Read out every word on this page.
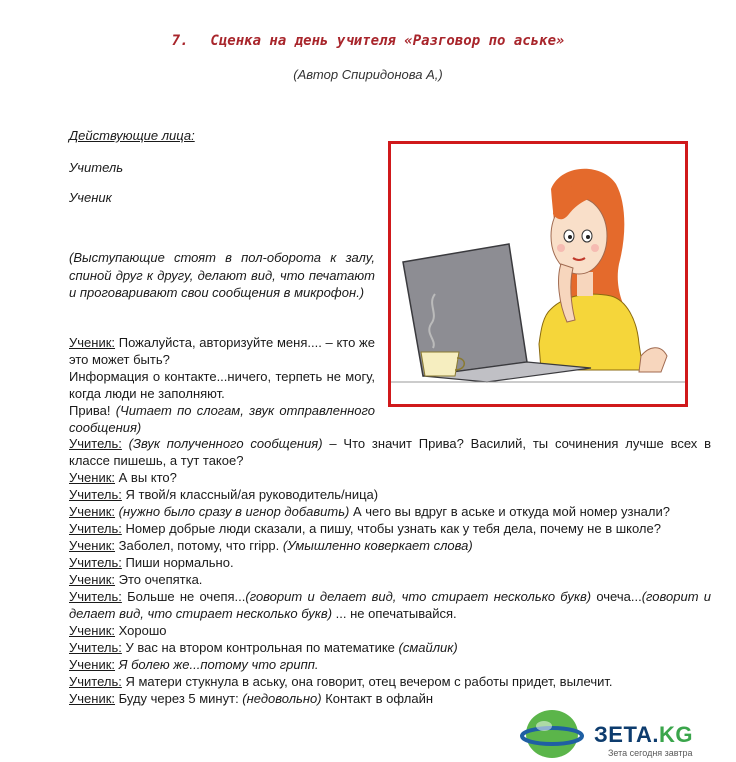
7. Сценка на день учителя «Разговор по аське»
(Автор Спиридонова А,)
Действующие лица:
Учитель
Ученик
(Выступающие стоят в пол-оборота к залу, спиной друг к другу, делают вид, что печатают и проговаривают свои сообщения в микрофон.)
Ученик: Пожалуйста, авторизуйте меня.... – кто же это может быть?
Информация о контакте...ничего, терпеть не могу, когда люди не заполняют.
Прива! (Читает по слогам, звук отправленного сообщения)

Учитель: (Звук полученного сообщения) – Что значит Прива? Василий, ты сочинения лучше всех в классе пишешь, а тут такое?

Ученик: А вы кто?

Учитель: Я твой/я классный/ая руководитель/ница)

Ученик: (нужно было сразу в игнор добавить) А чего вы вдруг в аське и откуда мой номер узнали?

Учитель: Номер добрые люди сказали, а пишу, чтобы узнать как у тебя дела, почему не в школе?

Ученик: Заболел, потому, что гripp. (Умышленно коверкает слова)

Учитель: Пиши нормально.

Ученик: Это очепятка.

Учитель: Больше не очепя...(говорит и делает вид, что стирает несколько букв) очеча...(говорит и делает вид, что стирает несколько букв) ... не опечатывайся.

Ученик: Хорошо

Учитель: У вас на втором контрольная по математике (смайлик)

Ученик: Я болею же...потому что грипп.

Учитель: Я матери стукнула в аську, она говорит, отец вечером с работы придет, вылечит.

Ученик: Буду через 5 минут: (недовольно) Контакт в офлайн

ЗЕТА.KG
Зета сегодня завтра
